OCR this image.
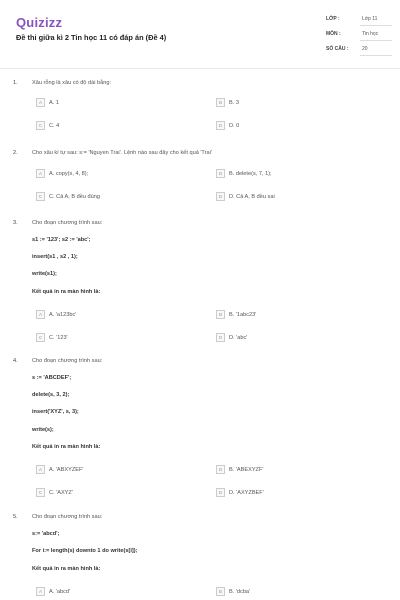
Quizizz
Đề thi giữa kì 2 Tin học 11 có đáp án (Đề 4)
LỚP :	Lớp 11
MÔN :	Tin học
SỐ CÂU :	20
1.	Xâu rỗng là xâu có độ dài bằng:
A	A. 1	B	B. 3
C	C. 4	D	D. 0
2.	Cho xâu kí tự sau: s:= 'Nguyen Trai'. Lệnh nào sau đây cho kết quả 'Trai'
A	A. copy(s, 4, 8);	B	B. delete(s, 7, 1);
C	C. Cả A, B đều đúng	D	D. Cả A, B đều sai
3.	Cho đoạn chương trình sau:
s1 := '123'; s2 := 'abc';
insert(s1 , s2 , 1);
write(s1);
Kết quả in ra màn hình là:
A	A. 'a123bc'	B	B. '1abc23'
C	C. '123'	D	D. 'abc'
4.	Cho đoạn chương trình sau:
s := 'ABCDEF';
delete(s, 3, 2);
insert('XYZ', s, 3);
write(s);
Kết quả in ra màn hình là:
A	A. 'ABXYZEF'	B	B. 'ABEXYZF'
C	C. 'AXYZ'	D	D. 'AXYZBEF'
5.	Cho đoạn chương trình sau:
s:= 'abcd';
For i:= length(s) downto 1 do write(s[i]);
Kết quả in ra màn hình là:
A	A. 'abcd'	B	B. 'dcba'
